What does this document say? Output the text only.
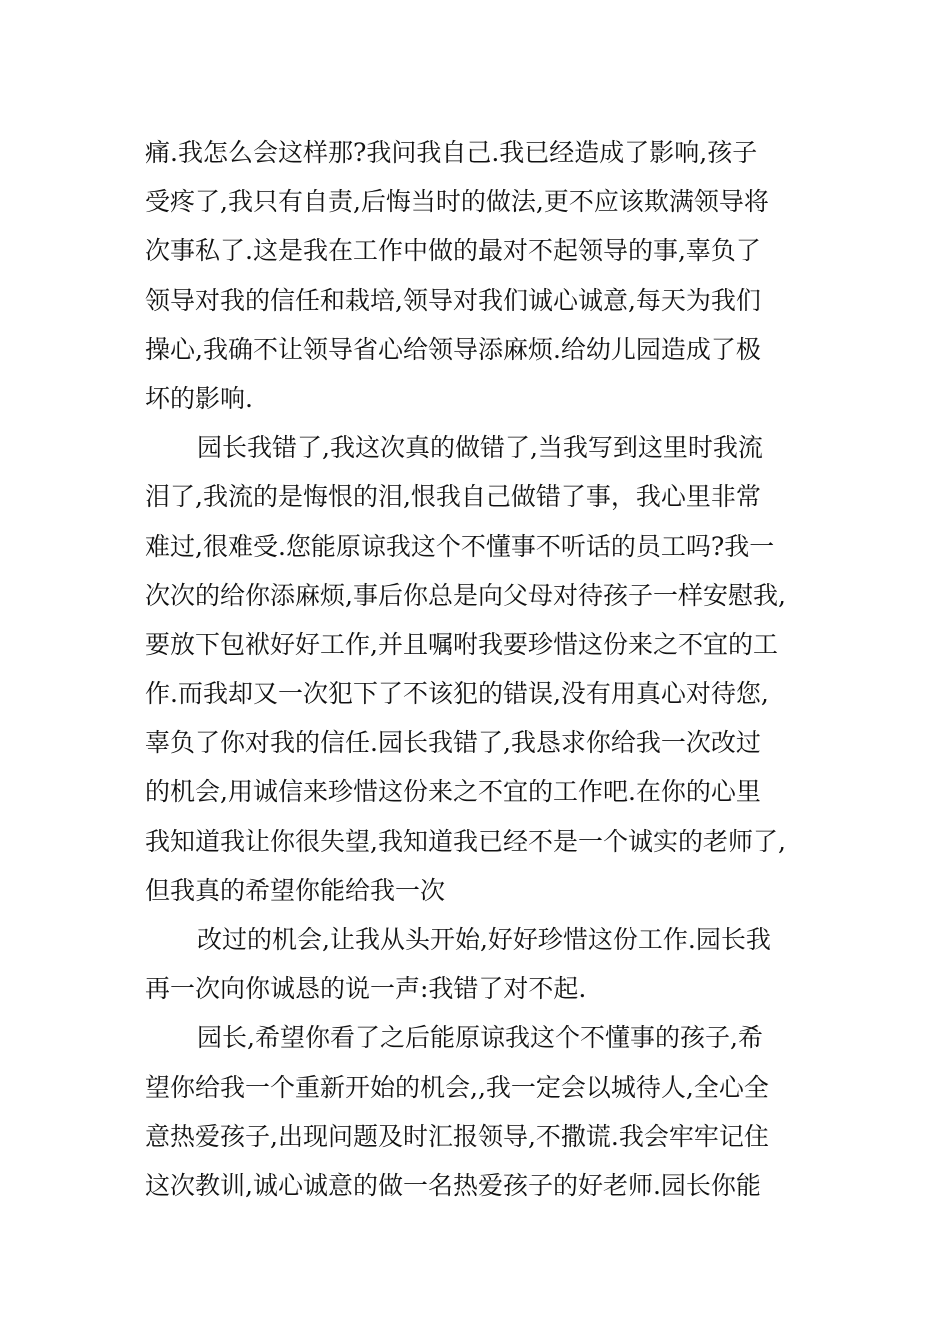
痛.我怎么会这样那?我问我自己.我已经造成了影响,孩子
受疼了,我只有自责,后悔当时的做法,更不应该欺满领导将
次事私了.这是我在工作中做的最对不起领导的事,辜负了
领导对我的信任和栽培,领导对我们诚心诚意,每天为我们
操心,我确不让领导省心给领导添麻烦.给幼儿园造成了极
坏的影响.
园长我错了,我这次真的做错了,当我写到这里时我流
泪了,我流的是悔恨的泪,恨我自己做错了事，我心里非常
难过,很难受.您能原谅我这个不懂事不听话的员工吗?我一
次次的给你添麻烦,事后你总是向父母对待孩子一样安慰我,
要放下包袱好好工作,并且嘱咐我要珍惜这份来之不宜的工
作.而我却又一次犯下了不该犯的错误,没有用真心对待您,
辜负了你对我的信任.园长我错了,我恳求你给我一次改过
的机会,用诚信来珍惜这份来之不宜的工作吧.在你的心里
我知道我让你很失望,我知道我已经不是一个诚实的老师了,
但我真的希望你能给我一次
改过的机会,让我从头开始,好好珍惜这份工作.园长我
再一次向你诚恳的说一声:我错了对不起.
园长,希望你看了之后能原谅我这个不懂事的孩子,希
望你给我一个重新开始的机会,,我一定会以城待人,全心全
意热爱孩子,出现问题及时汇报领导,不撒谎.我会牢牢记住
这次教训,诚心诚意的做一名热爱孩子的好老师.园长你能
